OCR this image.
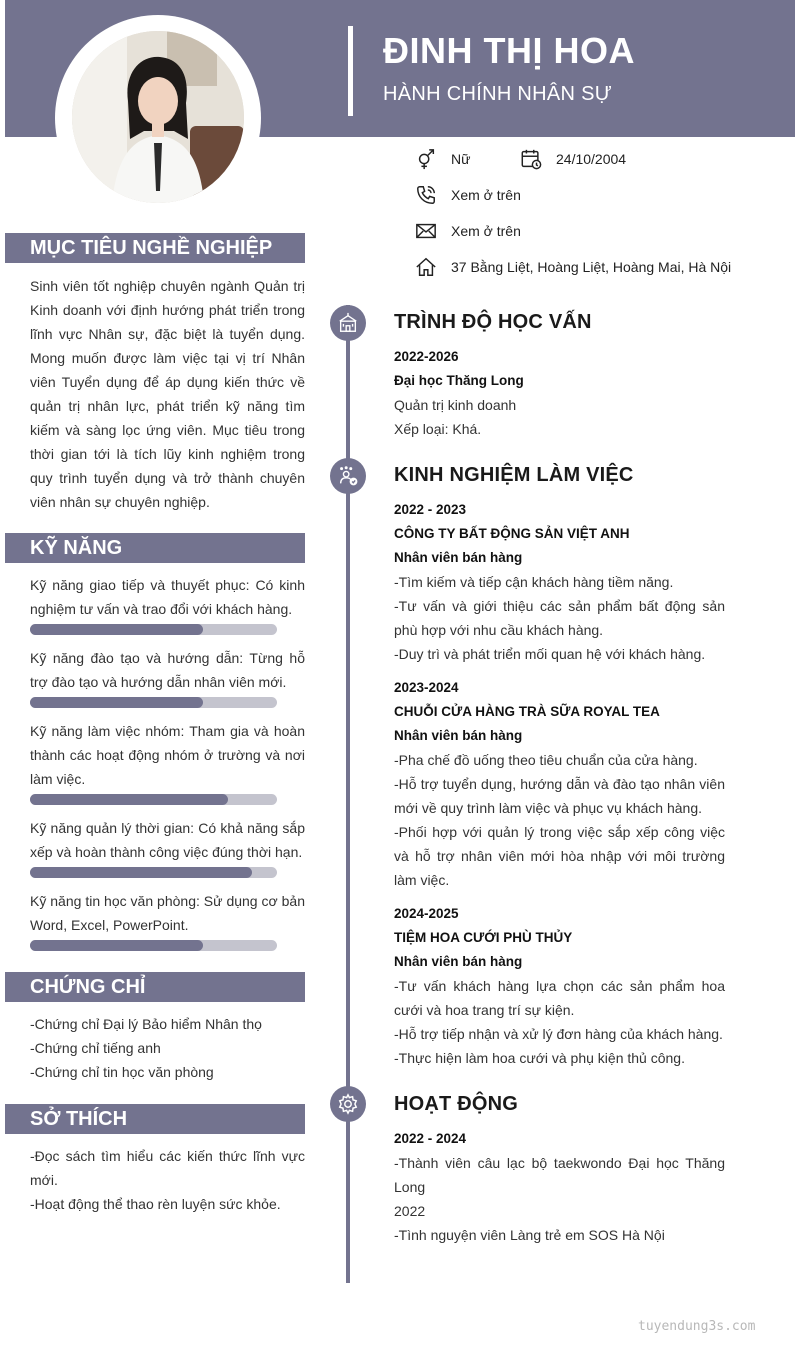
ĐINH THỊ HOA
HÀNH CHÍNH NHÂN SỰ
Nữ	24/10/2004
Xem ở trên
Xem ở trên
37 Bằng Liệt, Hoàng Liệt, Hoàng Mai, Hà Nội
MỤC TIÊU NGHỀ NGHIỆP
Sinh viên tốt nghiệp chuyên ngành Quản trị Kinh doanh với định hướng phát triển trong lĩnh vực Nhân sự, đặc biệt là tuyển dụng. Mong muốn được làm việc tại vị trí Nhân viên Tuyển dụng để áp dụng kiến thức về quản trị nhân lực, phát triển kỹ năng tìm kiếm và sàng lọc ứng viên. Mục tiêu trong thời gian tới là tích lũy kinh nghiệm trong quy trình tuyển dụng và trở thành chuyên viên nhân sự chuyên nghiệp.
KỸ NĂNG
Kỹ năng giao tiếp và thuyết phục: Có kinh nghiệm tư vấn và trao đổi với khách hàng.
Kỹ năng đào tạo và hướng dẫn: Từng hỗ trợ đào tạo và hướng dẫn nhân viên mới.
Kỹ năng làm việc nhóm: Tham gia và hoàn thành các hoạt động nhóm ở trường và nơi làm việc.
Kỹ năng quản lý thời gian: Có khả năng sắp xếp và hoàn thành công việc đúng thời hạn.
Kỹ năng tin học văn phòng: Sử dụng cơ bản Word, Excel, PowerPoint.
CHỨNG CHỈ
-Chứng chỉ Đại lý Bảo hiểm Nhân thọ
-Chứng chỉ tiếng anh
-Chứng chỉ tin học văn phòng
SỞ THÍCH
-Đọc sách tìm hiểu các kiến thức lĩnh vực mới.
-Hoạt động thể thao rèn luyện sức khỏe.
TRÌNH ĐỘ HỌC VẤN
2022-2026
Đại học Thăng Long
Quản trị kinh doanh
Xếp loại: Khá.
KINH NGHIỆM LÀM VIỆC
2022 - 2023
CÔNG TY BẤT ĐỘNG SẢN VIỆT ANH
Nhân viên bán hàng
-Tìm kiếm và tiếp cận khách hàng tiềm năng.
-Tư vấn và giới thiệu các sản phẩm bất động sản phù hợp với nhu cầu khách hàng.
-Duy trì và phát triển mối quan hệ với khách hàng.
2023-2024
CHUỖI CỬA HÀNG TRÀ SỮA ROYAL TEA
Nhân viên bán hàng
-Pha chế đồ uống theo tiêu chuẩn của cửa hàng.
-Hỗ trợ tuyển dụng, hướng dẫn và đào tạo nhân viên mới về quy trình làm việc và phục vụ khách hàng.
-Phối hợp với quản lý trong việc sắp xếp công việc và hỗ trợ nhân viên mới hòa nhập với môi trường làm việc.
2024-2025
TIỆM HOA CƯỚI PHÙ THỦY
Nhân viên bán hàng
-Tư vấn khách hàng lựa chọn các sản phẩm hoa cưới và hoa trang trí sự kiện.
-Hỗ trợ tiếp nhận và xử lý đơn hàng của khách hàng.
-Thực hiện làm hoa cưới và phụ kiện thủ công.
HOẠT ĐỘNG
2022 - 2024
-Thành viên câu lạc bộ taekwondo Đại học Thăng Long
2022
-Tình nguyện viên Làng trẻ em SOS Hà Nội
tuyendung3s.com
